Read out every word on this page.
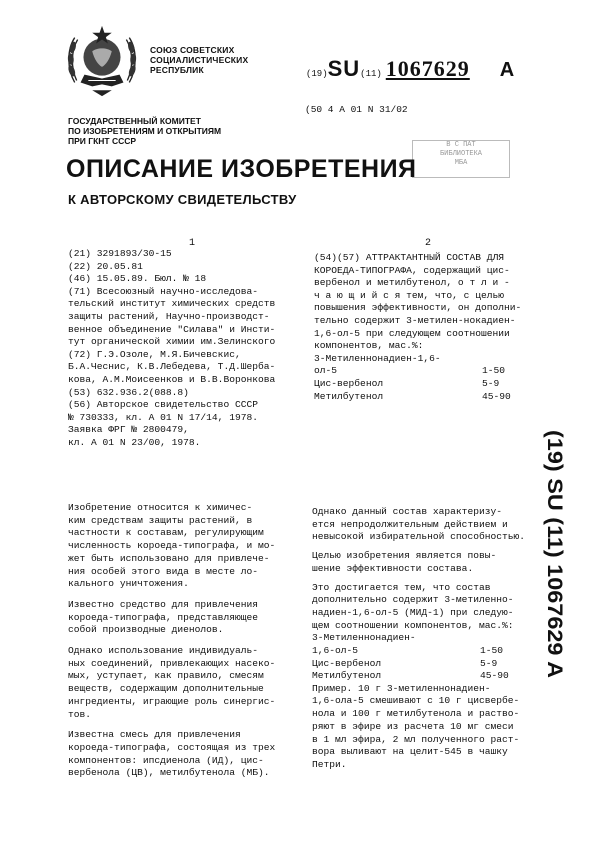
СОЮЗ СОВЕТСКИХ
СОЦИАЛИСТИЧЕСКИХ
РЕСПУБЛИК	(19)SU(11) 1067629 A
(50 4 A 01 N 31/02
ГОСУДАРСТВЕННЫЙ КОМИТЕТ
ПО ИЗОБРЕТЕНИЯМ И ОТКРЫТИЯМ
ПРИ ГКНТ СССР	В С ПАТ
БИБЛИОТЕКА
МБА
ОПИСАНИЕ ИЗОБРЕТЕНИЯ
К АВТОРСКОМУ СВИДЕТЕЛЬСТВУ
1	2
(21) 3291893/30-15
(22) 20.05.81
(46) 15.05.89. Бюл. № 18
(71) Всесоюзный научно-исследова-
тельский институт химических средств
защиты растений, Научно-производст-
венное объединение "Силава" и Инсти-
тут органической химии им.Зелинского
(72) Г.Э.Озоле, М.Я.Бичевскис,
Б.А.Чеснис, К.В.Лебедева, Т.Д.Шерба-
кова, А.М.Моисеенков и В.В.Воронкова
(53) 632.936.2(088.8)
(56) Авторское свидетельство СССР
№ 730333, кл. А 01 N 17/14, 1978.
Заявка ФРГ № 2800479,
кл. А 01 N 23/00, 1978.
(54)(57) АТТРАКТАНТНЫЙ СОСТАВ ДЛЯ
КОРОЕДА-ТИПОГРАФА, содержащий цис-
вербенол и метилбутенол, о т л и -
ч а ю щ и й с я тем, что, с целью
повышения эффективности, он дополни-
тельно содержит 3-метилен-нокадиен-
1,6-ол-5 при следующем соотношении
компонентов, мас.%:
3-Метиленнонадиен-1,6-
ол-5	1-50
Цис-вербенол	5-9
Метилбутенол	45-90
(19) SU (11) 1067629 A
Изобретение относится к химичес-
ким средствам защиты растений, в
частности к составам, регулирующим
численность короеда-типографа, и мо-
жет быть использовано для привлече-
ния особей этого вида в месте ло-
кального уничтожения.
Известно средство для привлечения
короеда-типографа, представляющее
собой производные диенолов.
Однако использование индивидуаль-
ных соединений, привлекающих насеко-
мых, уступает, как правило, смесям
веществ, содержащим дополнительные
ингредиенты, играющие роль синергис-
тов.
Известна смесь для привлечения
короеда-типографа, состоящая из трех
компонентов: ипсдиенола (ИД), цис-
вербенола (ЦВ), метилбутенола (МБ).
Однако данный состав характеризу-
ется непродолжительным действием и
невысокой избирательной способностью.
Целью изобретения является повы-
шение эффективности состава.
Это достигается тем, что состав
дополнительно содержит 3-метиленно-
надиен-1,6-ол-5 (МИД-1) при следую-
щем соотношении компонентов, мас.%:
3-Метиленнонадиен-
1,6-ол-5	1-50
Цис-вербенол	5-9
Метилбутенол	45-90
Пример. 10 г 3-метиленнонадиен-
1,6-ола-5 смешивают с 10 г цисвербе-
нола и 100 г метилбутенола и раство-
ряют в эфире из расчета 10 мг смеси
в 1 мл эфира, 2 мл полученного раст-
вора выливают на целит-545 в чашку
Петри.
